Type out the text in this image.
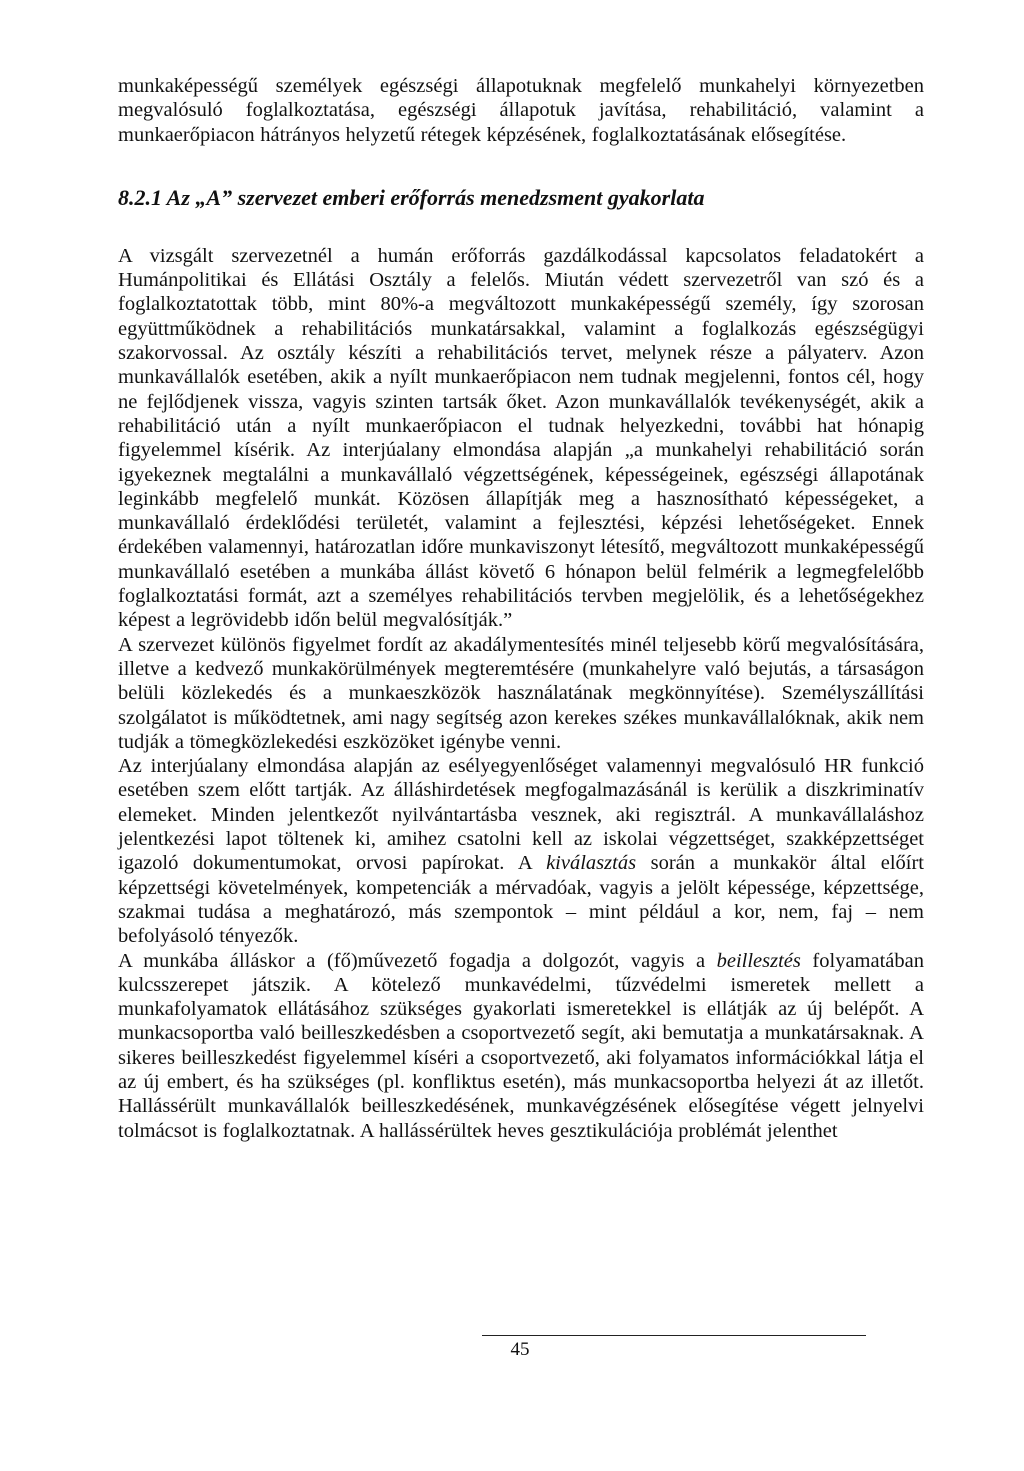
munkaképességű személyek egészségi állapotuknak megfelelő munkahelyi környezetben megvalósuló foglalkoztatása, egészségi állapotuk javítása, rehabilitáció, valamint a munkaerőpiacon hátrányos helyzetű rétegek képzésének, foglalkoztatásának elősegítése.

8.2.1 Az „A” szervezet emberi erőforrás menedzsment gyakorlata

A vizsgált szervezetnél a humán erőforrás gazdálkodással kapcsolatos feladatokért a Humánpolitikai és Ellátási Osztály a felelős. Miután védett szervezetről van szó és a foglalkoztatottak több, mint 80%-a megváltozott munkaképességű személy, így szorosan együttműködnek a rehabilitációs munkatársakkal, valamint a foglalkozás egészségügyi szakorvossal. Az osztály készíti a rehabilitációs tervet, melynek része a pályaterv. Azon munkavállalók esetében, akik a nyílt munkaerőpiacon nem tudnak megjelenni, fontos cél, hogy ne fejlődjenek vissza, vagyis szinten tartsák őket. Azon munkavállalók tevékenységét, akik a rehabilitáció után a nyílt munkaerőpiacon el tudnak helyezkedni, további hat hónapig figyelemmel kísérik. Az interjúalany elmondása alapján „a munkahelyi rehabilitáció során igyekeznek megtalálni a munkavállaló végzettségének, képességeinek, egészségi állapotának leginkább megfelelő munkát. Közösen állapítják meg a hasznosítható képességeket, a munkavállaló érdeklődési területét, valamint a fejlesztési, képzési lehetőségeket. Ennek érdekében valamennyi, határozatlan időre munkaviszonyt létesítő, megváltozott munkaképességű munkavállaló esetében a munkába állást követő 6 hónapon belül felmérik a legmegfelelőbb foglalkoztatási formát, azt a személyes rehabilitációs tervben megjelölik, és a lehetőségekhez képest a legrövidebb időn belül megvalósítják.”

A szervezet különös figyelmet fordít az akadálymentesítés minél teljesebb körű megvalósítására, illetve a kedvező munkakörülmények megteremtésére (munkahelyre való bejutás, a társaságon belüli közlekedés és a munkaeszközök használatának megkönnyítése). Személyszállítási szolgálatot is működtetnek, ami nagy segítség azon kerekes székes munkavállalóknak, akik nem tudják a tömegközlekedési eszközöket igénybe venni.

Az interjúalany elmondása alapján az esélyegyenlőséget valamennyi megvalósuló HR funkció esetében szem előtt tartják. Az álláshirdetések megfogalmazásánál is kerülik a diszkriminatív elemeket. Minden jelentkezőt nyilvántartásba vesznek, aki regisztrál. A munkavállaláshoz jelentkezési lapot töltenek ki, amihez csatolni kell az iskolai végzettséget, szakképzettséget igazoló dokumentumokat, orvosi papírokat. A kiválasztás során a munkakör által előírt képzettségi követelmények, kompetenciák a mérvadóak, vagyis a jelölt képessége, képzettsége, szakmai tudása a meghatározó, más szempontok – mint például a kor, nem, faj – nem befolyásoló tényezők.

A munkába álláskor a (fő)művezető fogadja a dolgozót, vagyis a beillesztés folyamatában kulcsszerepet játszik. A kötelező munkavédelmi, tűzvédelmi ismeretek mellett a munkafolyamatok ellátásához szükséges gyakorlati ismeretekkel is ellátják az új belépőt. A munkacsoportba való beilleszkedésben a csoportvezető segít, aki bemutatja a munkatársaknak. A sikeres beilleszkedést figyelemmel kíséri a csoportvezető, aki folyamatos információkkal látja el az új embert, és ha szükséges (pl. konfliktus esetén), más munkacsoportba helyezi át az illetőt. Hallássérült munkavállalók beilleszkedésének, munkavégzésének elősegítése végett jelnyelvi tolmácsot is foglalkoztatnak. A hallássérültek heves gesztikulációja problémát jelenthet

45
